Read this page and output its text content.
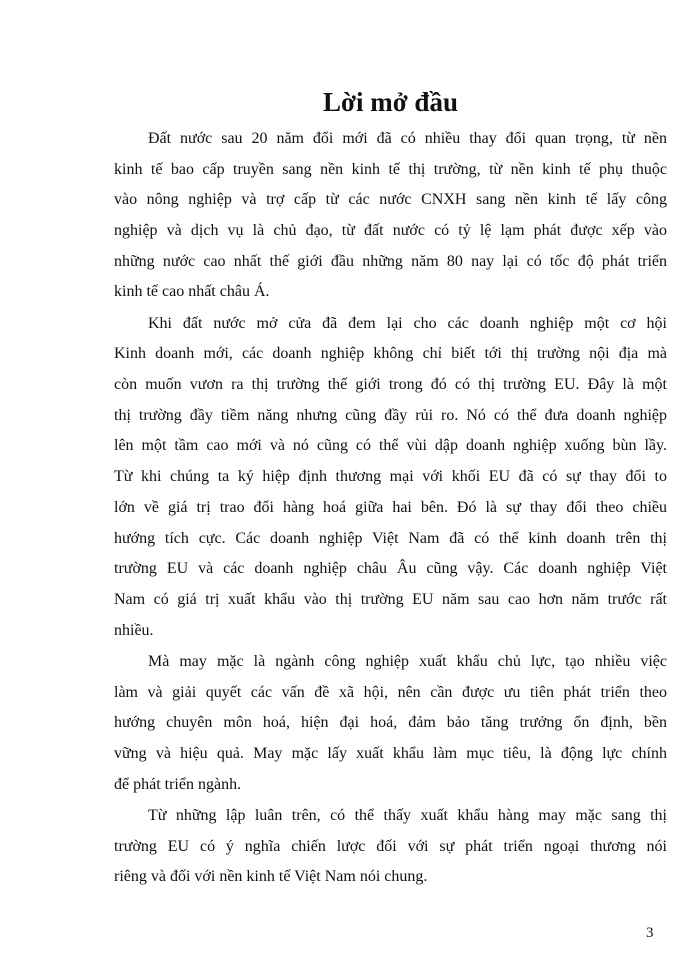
Lời mở đầu
Đất nước sau 20 năm đổi mới đã có nhiều thay đổi quan trọng, từ nền
kinh tế bao cấp truyền sang nền kinh tế thị trường, từ nền kinh tế phụ thuộc
vào nông nghiệp và trợ cấp từ các nước CNXH sang nền kinh tế lấy công
nghiệp và dịch vụ là chủ đạo, từ đất nước có tỷ lệ lạm phát được xếp vào
những nước cao nhất thế giới đầu những năm 80 nay lại có tốc độ phát triển
kinh tế cao nhất châu Á.
Khi đất nước mở cửa đã đem lại cho các doanh nghiệp một cơ hội
Kinh doanh mới, các doanh nghiệp không chỉ biết tới thị trường nội địa mà
còn muốn vươn ra thị trường thế giới trong đó có thị trường EU. Đây là một
thị trường đầy tiềm năng nhưng cũng đầy rủi ro. Nó có thể đưa doanh nghiệp
lên một tầm cao mới và nó cũng có thể vùi dập doanh nghiệp xuống bùn lầy.
Từ khi chúng ta ký hiệp định thương mại với khối EU đã có sự thay đổi to
lớn về giá trị trao đổi hàng hoá giữa hai bên. Đó là sự thay đổi theo chiều
hướng tích cực. Các doanh nghiệp Việt Nam đã có thể kinh doanh trên thị
trường EU và các doanh nghiệp châu Âu cũng vậy. Các doanh nghiệp Việt
Nam có giá trị xuất khẩu vào thị trường EU năm sau cao hơn năm trước rất
nhiều.
Mà may mặc là ngành công nghiệp xuất khẩu chủ lực, tạo nhiều việc
làm và giải quyết các vấn đề xã hội, nên cần được ưu tiên phát triển theo
hướng chuyên môn hoá, hiện đại hoá, đảm bảo tăng trưởng ổn định, bền
vững và hiệu quả. May mặc lấy xuất khẩu làm mục tiêu, là động lực chính
để phát triển ngành.
Từ những lập luân trên, có thể thấy xuất khẩu hàng may mặc sang thị
trường EU có ý nghĩa chiến lược đối với sự phát triển ngoại thương nói
riêng và đối với nền kinh tế Việt Nam nói chung.
3
